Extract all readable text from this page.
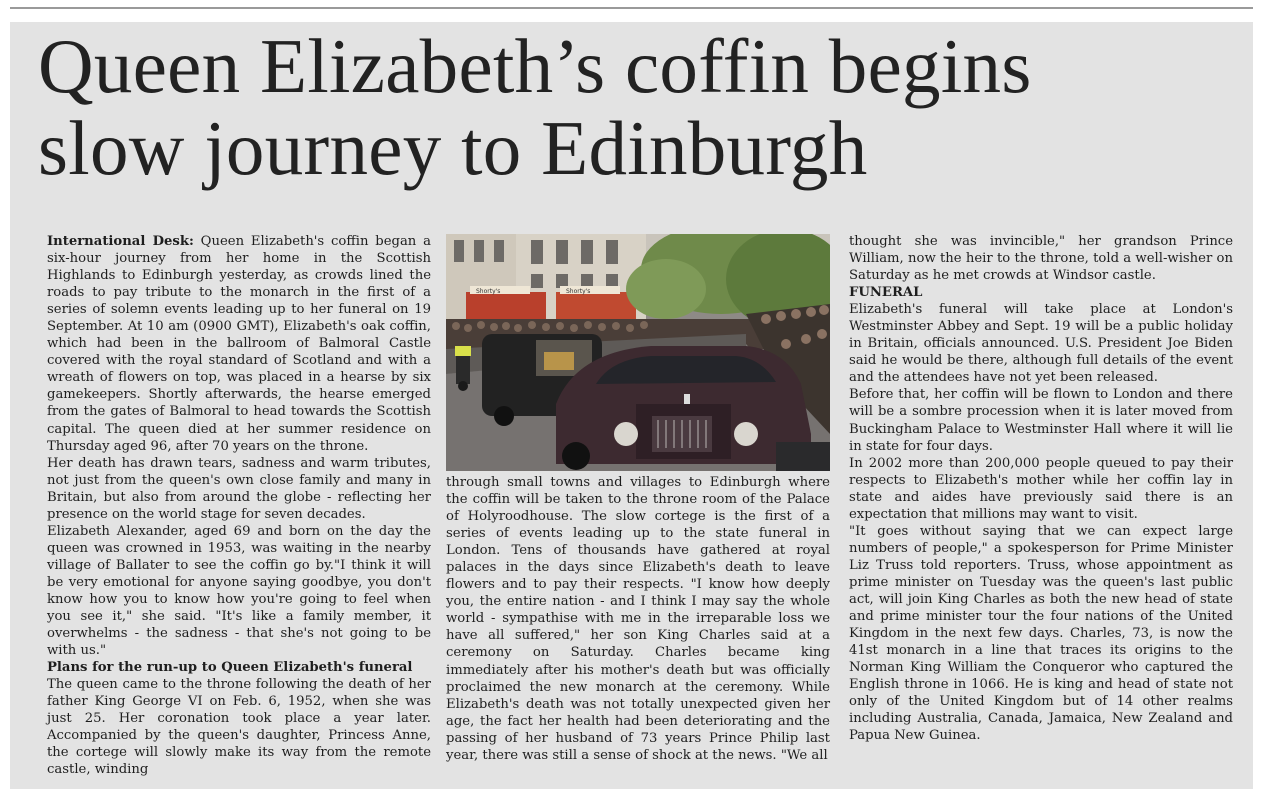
Queen Elizabeth’s coffin begins
slow journey to Edinburgh

International Desk: Queen Elizabeth's coffin began a six-hour journey from her home in the Scottish Highlands to Edinburgh yesterday, as crowds lined the roads to pay tribute to the monarch in the first of a series of solemn events leading up to her funeral on 19 September. At 10 am (0900 GMT), Elizabeth's oak coffin, which had been in the ballroom of Balmoral Castle covered with the royal standard of Scotland and with a wreath of flowers on top, was placed in a hearse by six gamekeepers. Shortly afterwards, the hearse emerged from the gates of Balmoral to head towards the Scottish capital. The queen died at her summer residence on Thursday aged 96, after 70 years on the throne.

Her death has drawn tears, sadness and warm tributes, not just from the queen's own close family and many in Britain, but also from around the globe - reflecting her presence on the world stage for seven decades.

Elizabeth Alexander, aged 69 and born on the day the queen was crowned in 1953, was waiting in the nearby village of Ballater to see the coffin go by."I think it will be very emotional for anyone saying goodbye, you don't know how you to know how you're going to feel when you see it," she said. "It's like a family member, it overwhelms - the sadness - that she's not going to be with us."

Plans for the run-up to Queen Elizabeth's funeral

The queen came to the throne following the death of her father King George VI on Feb. 6, 1952, when she was just 25. Her coronation took place a year later. Accompanied by the queen's daughter, Princess Anne, the cortege will slowly make its way from the remote castle, winding

Shorty's	Shorty's

through small towns and villages to Edinburgh where the coffin will be taken to the throne room of the Palace of Holyroodhouse. The slow cortege is the first of a series of events leading up to the state funeral in London. Tens of thousands have gathered at royal palaces in the days since Elizabeth's death to leave flowers and to pay their respects. "I know how deeply you, the entire nation - and I think I may say the whole world - sympathise with me in the irreparable loss we have all suffered," her son King Charles said at a ceremony on Saturday. Charles became king immediately after his mother's death but was officially proclaimed the new monarch at the ceremony. While Elizabeth's death was not totally unexpected given her age, the fact her health had been deteriorating and the passing of her husband of 73 years Prince Philip last year, there was still a sense of shock at the news. "We all

thought she was invincible," her grandson Prince William, now the heir to the throne, told a well-wisher on Saturday as he met crowds at Windsor castle.

FUNERAL

Elizabeth's funeral will take place at London's Westminster Abbey and Sept. 19 will be a public holiday in Britain, officials announced. U.S. President Joe Biden said he would be there, although full details of the event and the attendees have not yet been released.

Before that, her coffin will be flown to London and there will be a sombre procession when it is later moved from Buckingham Palace to Westminster Hall where it will lie in state for four days.

In 2002 more than 200,000 people queued to pay their respects to Elizabeth's mother while her coffin lay in state and aides have previously said there is an expectation that millions may want to visit.

"It goes without saying that we can expect large numbers of people," a spokesperson for Prime Minister Liz Truss told reporters. Truss, whose appointment as prime minister on Tuesday was the queen's last public act, will join King Charles as both the new head of state and prime minister tour the four nations of the United Kingdom in the next few days. Charles, 73, is now the 41st monarch in a line that traces its origins to the Norman King William the Conqueror who captured the English throne in 1066. He is king and head of state not only of the United Kingdom but of 14 other realms including Australia, Canada, Jamaica, New Zealand and Papua New Guinea.
